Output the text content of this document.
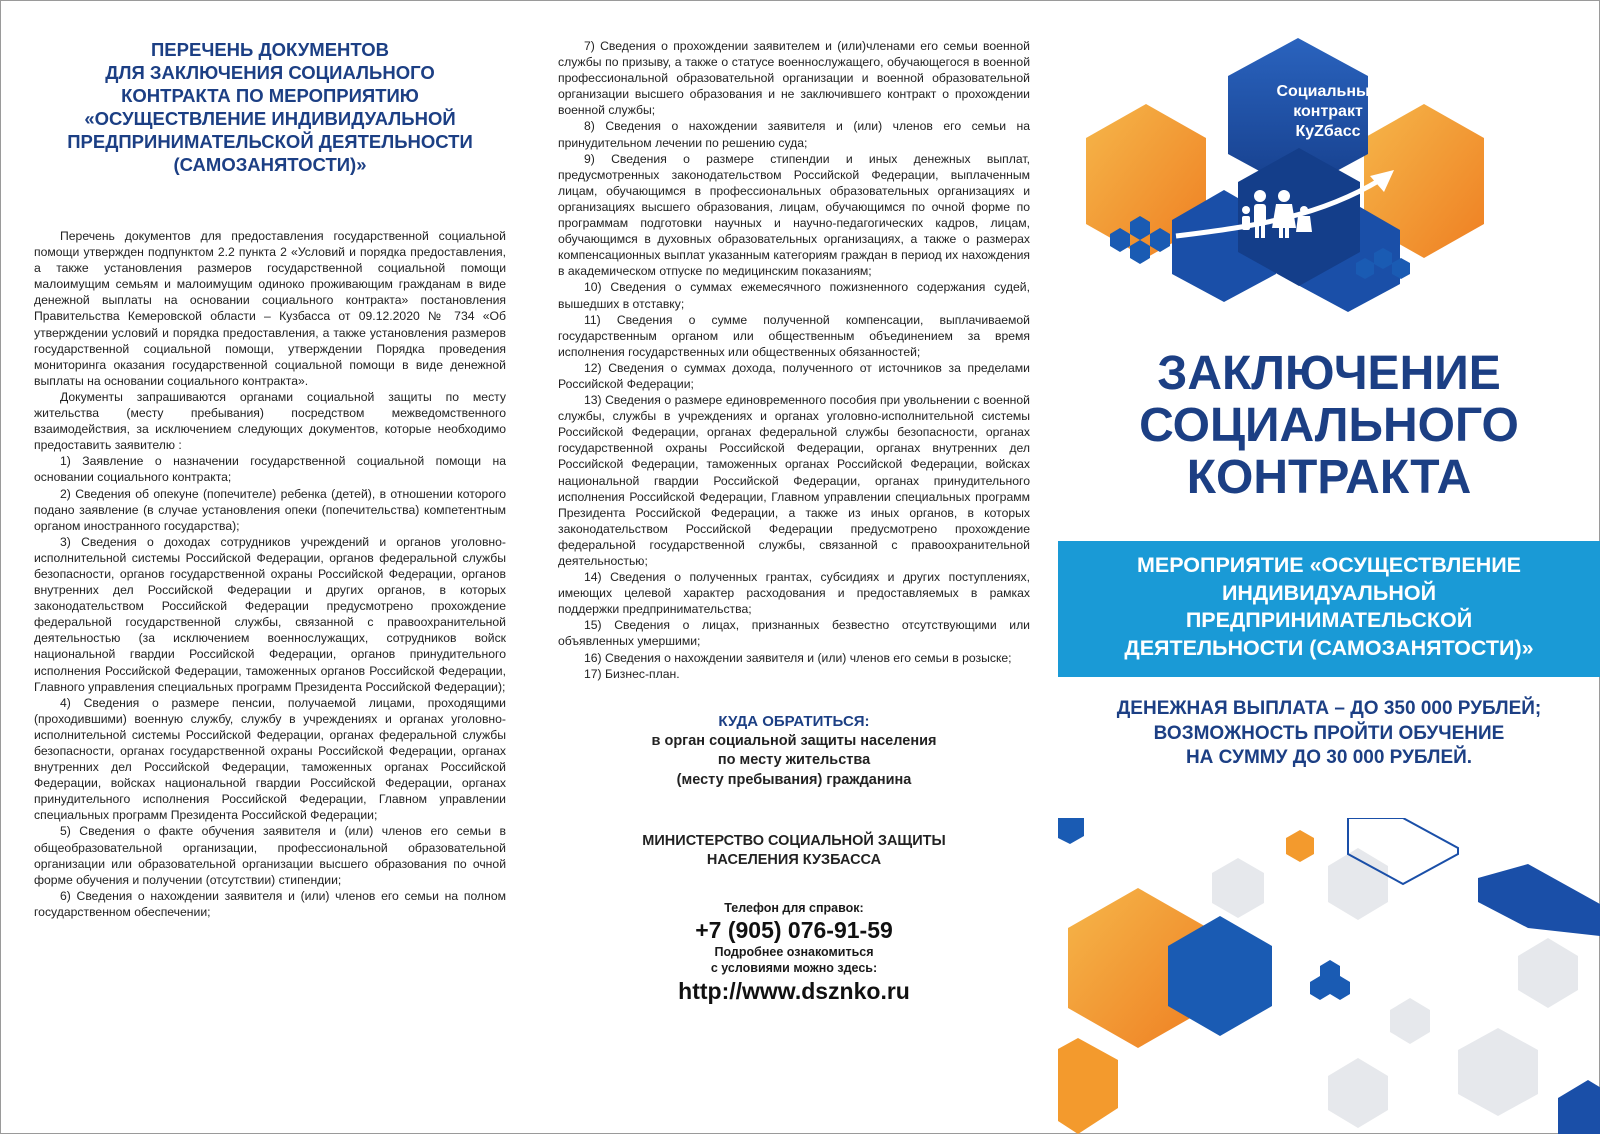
ПЕРЕЧЕНЬ ДОКУМЕНТОВ
ДЛЯ ЗАКЛЮЧЕНИЯ СОЦИАЛЬНОГО
КОНТРАКТА ПО МЕРОПРИЯТИЮ
«ОСУЩЕСТВЛЕНИЕ ИНДИВИДУАЛЬНОЙ
ПРЕДПРИНИМАТЕЛЬСКОЙ ДЕЯТЕЛЬНОСТИ
(САМОЗАНЯТОСТИ)»

Перечень документов для предоставления государственной социальной помощи утвержден подпунктом 2.2 пункта 2 «Условий и порядка предоставления, а также установления размеров государственной социальной помощи малоимущим семьям и малоимущим одиноко проживающим гражданам в виде денежной выплаты на основании социального контракта» постановления Правительства Кемеровской области – Кузбасса от 09.12.2020 № 734 «Об утверждении условий и порядка предоставления, а также установления размеров государственной социальной помощи, утверждении Порядка проведения мониторинга оказания государственной социальной помощи в виде денежной выплаты на основании социального контракта».

Документы запрашиваются органами социальной защиты по месту жительства (месту пребывания) посредством межведомственного взаимодействия, за исключением следующих документов, которые необходимо предоставить заявителю :

1) Заявление о назначении государственной социальной помощи на основании социального контракта;

2) Сведения об опекуне (попечителе) ребенка (детей), в отношении которого подано заявление (в случае установления опеки (попечительства) компетентным органом иностранного государства);

3) Сведения о доходах сотрудников учреждений и органов уголовно-исполнительной системы Российской Федерации, органов федеральной службы безопасности, органов государственной охраны Российской Федерации, органов внутренних дел Российской Федерации и других органов, в которых законодательством Российской Федерации предусмотрено прохождение федеральной государственной службы, связанной с правоохранительной деятельностью (за исключением военнослужащих, сотрудников войск национальной гвардии Российской Федерации, органов принудительного исполнения Российской Федерации, таможенных органов Российской Федерации, Главного управления специальных программ Президента Российской Федерации);

4) Сведения о размере пенсии, получаемой лицами, проходящими (проходившими) военную службу, службу в учреждениях и органах уголовно-исполнительной системы Российской Федерации, органах федеральной службы безопасности, органах государственной охраны Российской Федерации, органах внутренних дел Российской Федерации, таможенных органах Российской Федерации, войсках национальной гвардии Российской Федерации, органах принудительного исполнения Российской Федерации, Главном управлении специальных программ Президента Российской Федерации;

5) Сведения о факте обучения заявителя и (или) членов его семьи в общеобразовательной организации, профессиональной образовательной организации или образовательной организации высшего образования по очной форме обучения и получении (отсутствии) стипендии;

6) Сведения о нахождении заявителя и (или) членов его семьи на полном государственном обеспечении;

7) Сведения о прохождении заявителем и (или)членами его семьи военной службы по призыву, а также о статусе военнослужащего, обучающегося в военной профессиональной образовательной организации и военной образовательной организации высшего образования и не заключившего контракт о прохождении военной службы;

8) Сведения о нахождении заявителя и (или) членов его семьи на принудительном лечении по решению суда;

9) Сведения о размере стипендии и иных денежных выплат, предусмотренных законодательством Российской Федерации, выплаченным лицам, обучающимся в профессиональных образовательных организациях и организациях высшего образования, лицам, обучающимся по очной форме по программам подготовки научных и научно-педагогических кадров, лицам, обучающимся в духовных образовательных организациях, а также о размерах компенсационных выплат указанным категориям граждан в период их нахождения в академическом отпуске по медицинским показаниям;

10) Сведения о суммах ежемесячного пожизненного содержания судей, вышедших в отставку;

11) Сведения о сумме полученной компенсации, выплачиваемой государственным органом или общественным объединением за время исполнения государственных или общественных обязанностей;

12) Сведения о суммах дохода, полученного от источников за пределами Российской Федерации;

13) Сведения о размере единовременного пособия при увольнении с военной службы, службы в учреждениях и органах уголовно-исполнительной системы Российской Федерации, органах федеральной службы безопасности, органах государственной охраны Российской Федерации, органах внутренних дел Российской Федерации, таможенных органах Российской Федерации, войсках национальной гвардии Российской Федерации, органах принудительного исполнения Российской Федерации, Главном управлении специальных программ Президента Российской Федерации, а также из иных органов, в которых законодательством Российской Федерации предусмотрено прохождение федеральной государственной службы, связанной с правоохранительной деятельностью;

14) Сведения о полученных грантах, субсидиях и других поступлениях, имеющих целевой характер расходования и предоставляемых в рамках поддержки предпринимательства;

15) Сведения о лицах, признанных безвестно отсутствующими или объявленных умершими;

16) Сведения о нахождении заявителя и (или) членов его семьи в розыске;

17) Бизнес-план.

КУДА ОБРАТИТЬСЯ:
в орган социальной защиты населения
по месту жительства
(месту пребывания) гражданина
МИНИСТЕРСТВО СОЦИАЛЬНОЙ ЗАЩИТЫ
НАСЕЛЕНИЯ КУЗБАССА
Телефон для справок:
+7 (905) 076-91-59
Подробнее ознакомиться
с условиями можно здесь:
http://www.dsznko.ru
Социальный
контракт
КуZбасс
ЗАКЛЮЧЕНИЕ
СОЦИАЛЬНОГО
КОНТРАКТА
МЕРОПРИЯТИЕ «ОСУЩЕСТВЛЕНИЕ
ИНДИВИДУАЛЬНОЙ
ПРЕДПРИНИМАТЕЛЬСКОЙ
ДЕЯТЕЛЬНОСТИ (САМОЗАНЯТОСТИ)»
ДЕНЕЖНАЯ ВЫПЛАТА – ДО 350 000 РУБЛЕЙ;
ВОЗМОЖНОСТЬ ПРОЙТИ ОБУЧЕНИЕ
НА СУММУ ДО 30 000 РУБЛЕЙ.
